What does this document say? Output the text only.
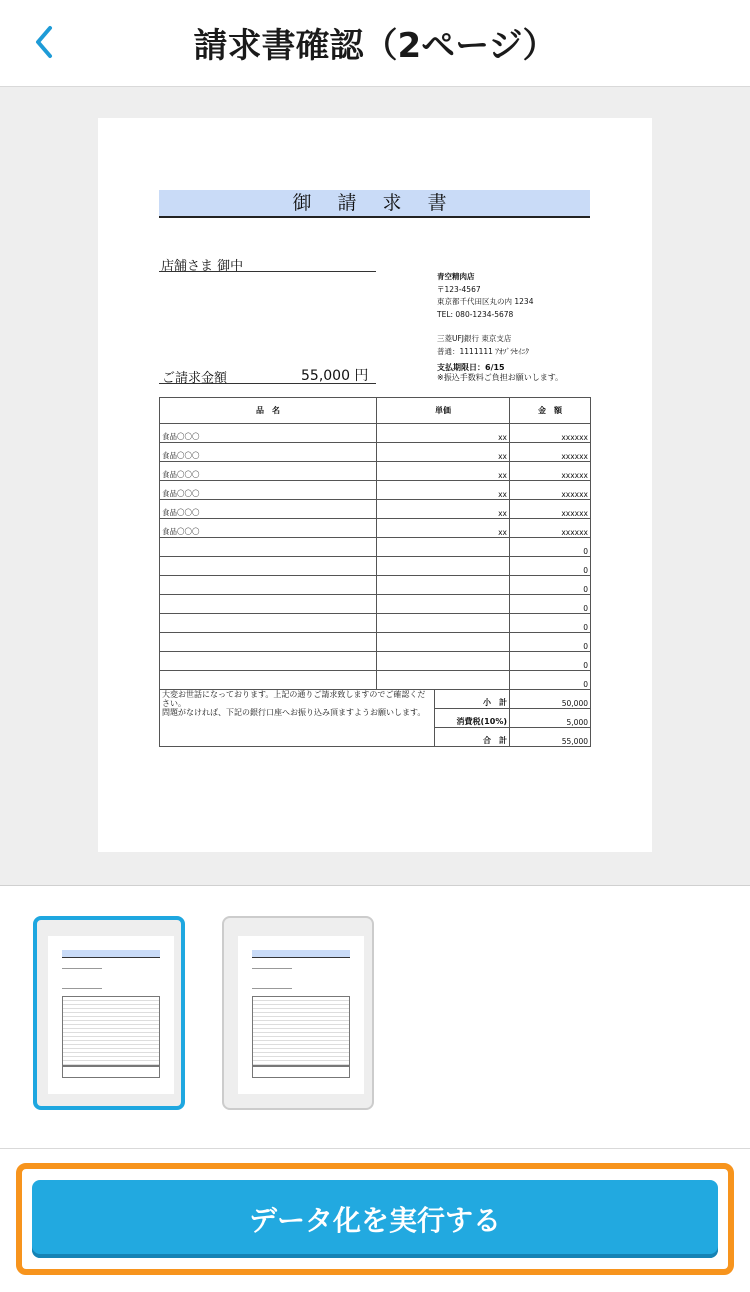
請求書確認（2ページ）
御 請 求 書
店舗さま 御中
青空精肉店
〒123-4567
東京都千代田区丸の内 1234
TEL: 080-1234-5678
三菱UFJ銀行 東京支店
普通：1111111 ｱｵｿﾞﾗｾｲﾆｸ
ご請求金額	55,000 円
支払期限日：6/15
※振込手数料ご負担お願いします。
品　名	単価	金　額
食品〇〇〇	xx	xxxxxx
食品〇〇〇	xx	xxxxxx
食品〇〇〇	xx	xxxxxx
食品〇〇〇	xx	xxxxxx
食品〇〇〇	xx	xxxxxx
食品〇〇〇	xx	xxxxxx
		0
		0
		0
		0
		0
		0
		0
		0
大変お世話になっております。上記の通りご請求致しますのでご確認ください。
問題がなければ、下記の銀行口座へお振り込み頂ますようお願いします。	小　計	50,000
	消費税(10%)	5,000
	合　計	55,000
データ化を実行する
